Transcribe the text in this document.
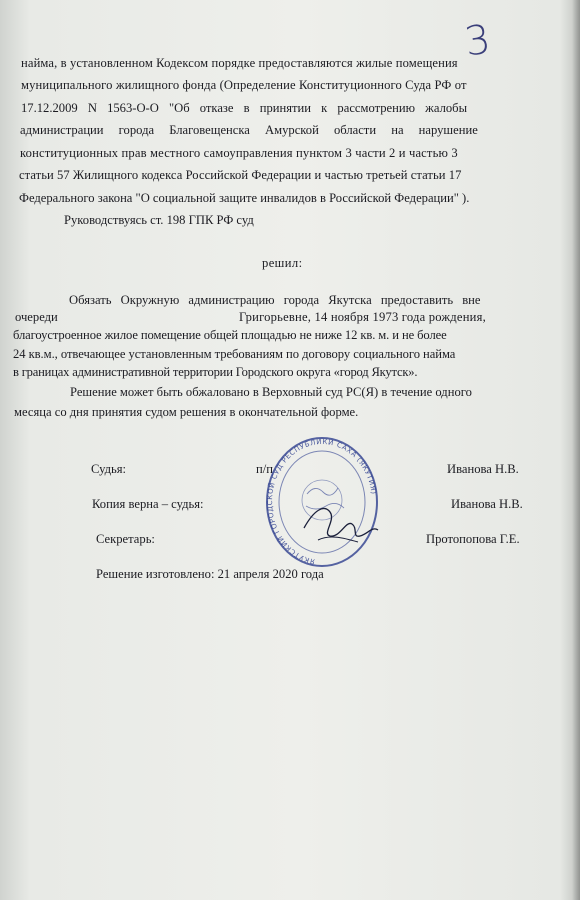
3
найма, в установленном Кодексом порядке предоставляются жилые помещения
муниципального жилищного фонда (Определение Конституционного Суда РФ от
17.12.2009 N 1563-О-О "Об отказе в принятии к рассмотрению жалобы
администрации города Благовещенска Амурской области на нарушение
конституционных прав местного самоуправления пунктом 3 части 2 и частью 3
статьи 57 Жилищного кодекса Российской Федерации и частью третьей статьи 17
Федерального закона "О социальной защите инвалидов в Российской Федерации" ).
Руководствуясь ст. 198 ГПК РФ суд
решил:
Обязать Окружную администрацию города Якутска предоставить вне
очереди	Григорьевне, 14 ноября 1973 года рождения,
благоустроенное жилое помещение общей площадью не ниже 12 кв. м. и не более
24 кв.м., отвечающее установленным требованиям по договору социального найма
в границах административной территории Городского округа «город Якутск».
Решение может быть обжаловано в Верховный суд РС(Я) в течение одного
месяца со дня принятия судом решения в окончательной форме.
Судья:	п/п	Иванова Н.В.
Копия верна – судья:	Иванова Н.В.
Секретарь:	Протопопова Г.Е.
Решение изготовлено: 21 апреля 2020 года
ЯКУТСКИЙ ГОРОДСКОЙ СУД РЕСПУБЛИКИ САХА (ЯКУТИЯ)
